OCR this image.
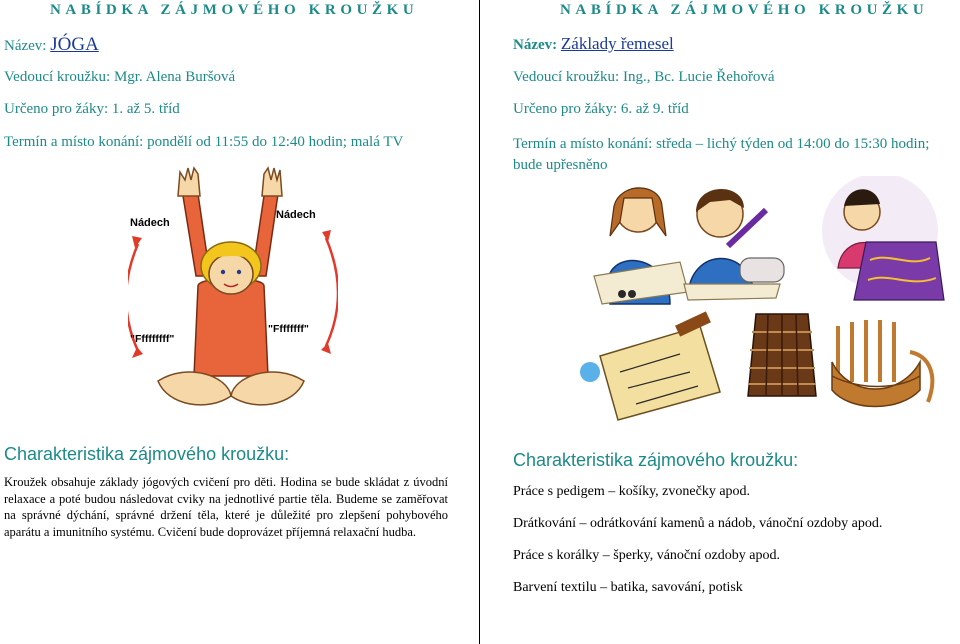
NABÍDKA ZÁJMOVÉHO KROUŽKU
Název: JÓGA
Vedoucí kroužku: Mgr. Alena Buršová
Určeno pro žáky: 1. až 5. tříd
Termín a místo konání: pondělí od 11:55 do 12:40 hodin; malá TV
Nádech
Nádech
"Fffffffff"
"Ffffffff"
Charakteristika zájmového kroužku:
Kroužek obsahuje základy jógových cvičení pro děti. Hodina se bude skládat z úvodní relaxace a poté budou následovat cviky na jednotlivé partie těla. Budeme se zaměřovat na správné dýchání, správné držení těla, které je důležité pro zlepšení pohybového aparátu a imunitního systému. Cvičení bude doprovázet příjemná relaxační hudba.
NABÍDKA ZÁJMOVÉHO KROUŽKU
Název: Základy řemesel
Vedoucí kroužku: Ing., Bc. Lucie Řehořová
Určeno pro žáky: 6. až 9. tříd
Termín a místo konání: středa – lichý týden od 14:00 do 15:30 hodin; bude upřesněno
Charakteristika zájmového kroužku:
Práce s pedigem – košíky, zvonečky apod.
Drátkování – odrátkování kamenů a nádob, vánoční ozdoby apod.
Práce s korálky – šperky, vánoční ozdoby apod.
Barvení textilu – batika, savování, potisk
